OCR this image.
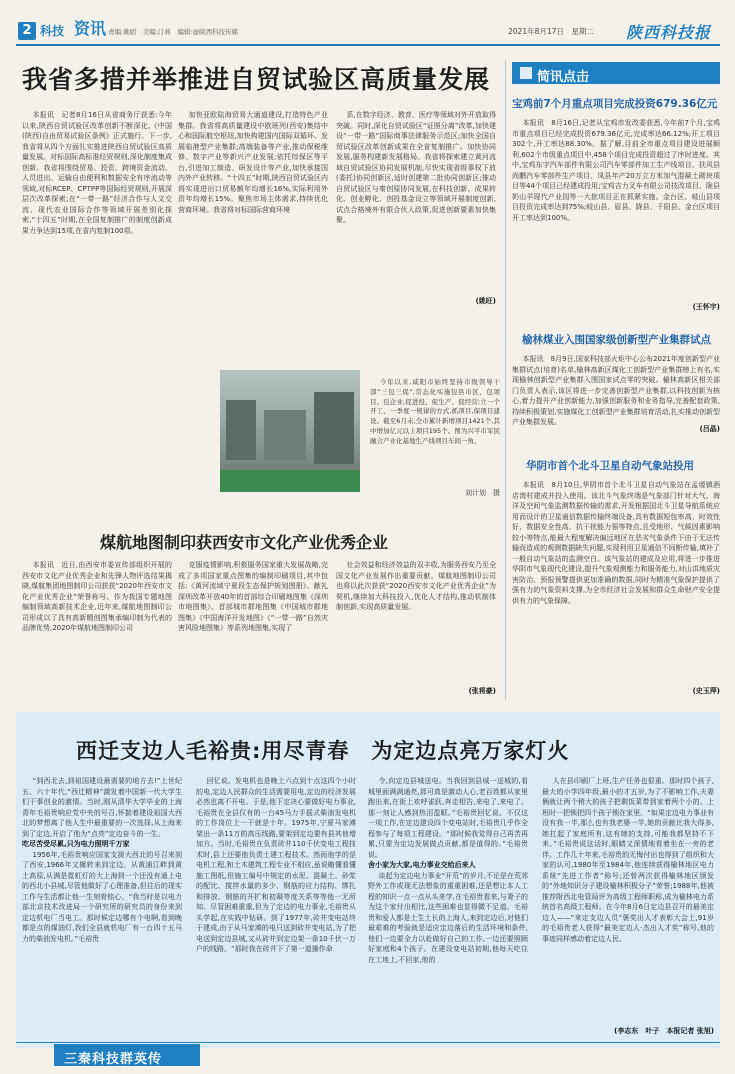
2 科技 资讯 责编:姚昭　美编:汀莉　编辑:@陕西科技传媒	2021年8月17日　星期二 陕西科技报
我省多措并举推进自贸试验区高质量发展

本报讯　记者8月16日从省商务厅获悉:今年以来,陕西自贸试验区改革创新不断深化,《中国(陕西)自由贸易试验区条例》正式施行。下一步,我省将从四个方面扎实推进陕西自贸试验区高质量发展。对标国际高标准经贸规则,深化制度集成创新。我省将围绕贸易、投资、跨境资金流动、人员进出、运输自由便利和数据安全有序流动等领域,对标RCEP、CPTPP等国际经贸规则,开展深层次改革探索;在“一带一路”经济合作与人文交流、现代农业国际合作等领域开展差别化探索,“十四五”时期,在全国复制推广的制度创新成果力争达到15项,在省内复制100项。

加快亚欧陆海贸易大通道建设,打造特色产业集群。我省将高质量建设中欧班列(西安)集结中心和国际航空枢纽,加快构建国内国际双循环。发展临港型产业集群;高端装备等产业,推动保税维修、数字产业等新兴产业发展;依托综保区等平台,引进加工制造、研发设计等产业,加快承接国内外产业转移。“十四五”时期,陕西自贸试验区内将实现进出口贸易额年均增长16%,实际利用外资年均增长15%。聚焦市场主体需求,持续优化营商环境。我省将对标国际营商环境

系,在数字经济、教育、医疗等领域对外开放取得突破。同时,深化自贸试验区“证照分离”改革,加快建设“一带一路”国际商事法律服务示范区;加快全国自贸试验区改革创新成果在全省复制推广。加快协同发展,服务构建新发展格局。我省将探索建立黄河流域自贸试验区协同发展机制,尽快实现省级事权下放(委托)协同创新区,适时创建第二批协同创新区;推动自贸试验区与秦创原协同发展,在科技创新、成果转化、创业孵化、创投基金设立等领域开展制度创新,试点合格境外有限合伙人政策,促进创新要素加快集聚。

(姚旺)
简讯点击
宝鸡前7个月重点项目完成投资679.36亿元

本报讯　8月16日,记者从宝鸡市发改委获悉,今年前7个月,宝鸡市重点项目已经完成投资679.36亿元,完成率达66.12%;开工项目302个,开工率达88.30%。据了解,目前全市重点项目建设进展顺利,602个市级重点项目中,458个项目完成投资超过了序时进度。其中,宝鸡东宇汽车部件有限公司汽车零部件加工生产线项目、扶风县尚鹏汽车零部件生产项目、凤县年产20万立方米加气混凝土砌块项目等44个项目已经建成投用;宝鸡吉力叉车有限公司技改项目、陇县奶山羊现代产业园等一大批项目正在抓紧实施。金台区、岐山县项目投资完成率达到75%;岐山县、眉县、陇县、千阳县、金台区项目开工率达到100%。

(王怀宇)
榆林煤业入围国家级创新型产业集群试点

本报讯　8月9日,国家科技部火炬中心公布2021年度创新型产业集群试点(培育)名单,榆林高新区煤化工创新型产业集群榜上有名,实现榆林创新型产业集群入围国家试点零的突破。榆林高新区相关部门负责人表示,该区将进一步完善创新型产业集群,以科技创新为核心,着力提升产业创新能力,加强创新服务和业务指导,完善配套政策,持续积极策划,实施煤化工创新型产业集群培育活动,扎实推动创新型产业集群发展。

(吕晶)
华阴市首个北斗卫星自动气象站投用

本报讯　8月10日,华阴市首个北斗卫星自动气象站在孟塬镇酒店湾村建成并投入使用。该北斗气象终端是气象部门针对大气、海洋及空间气象监测数据传输的需求,开发根据国北斗卫星导航系统应用而设计的卫星通信数据传输终端设备,具有数据短包率高、时效性好、数据安全性高、抗干扰能力强等特点,且受地形、气候因素影响较小等特点,能最大程度解决偏远地区在恶劣气象条件下由于无法传输而造成的观测数据缺失问题,实现利用卫星通信不间断传输,填补了一般自动气象站的监测空白。该气象站的建成及应用,将进一步推进华阴市气象现代化建设,提升气象观测能力和服务能力,对山洪地质灾害防治、预报预警提供更加准确的数据,同时为精准气象保护提供了强有力的气象资料支撑,为全市经济社会发展和群众生命财产安全提供有力的气象保障。

(史玉萍)

今年以来,咸阳市始终坚持市级领导干部“三包三促”,常态化实施包县市区、包项目、包企业,促进投、促生产、促经营;立一个开工、一季度一规律的方式,抓项目,保项目建设。截至6月末,全市累计新增项目1421个,其中增加亿元以上项目195个。图为兴平市军民融合产业化基地生产线项目车间一角。

刘计划　摄
煤航地图制印获西安市文化产业优秀企业

本报讯　近日,由西安市委宣传部组织开展的西安市文化产业优秀企业和先锋人物评选结果揭晓,煤航集团地图制印公司获获“2020年西安市文化产业优秀企业”荣誉称号。作为我国专题地图编制领域高新技术企业,近年来,煤航地图制印公司形成以了具有高新精创图集承编印制为代表的品牌优势,2020年煤航地图制印公司

克服疫情影响,积极服务国家重大发展战略,完成了多项国家重点图集的编制印刷项目,其中包括:《黄河流域宁夏段生态保护规划图册》、献礼深圳改革开放40年的首部综合印刷地图集《深圳市地图集》、首部城市群地图集《中国城市群地图集》《中国海洋开发地图》《“一带一路”自然灾害风险地图集》等系列地图集,实现了

社会效益和经济效益的双丰收,为服务西安乃至全国文化产业发展作出重要贡献。煤航地图制印公司也将以此次获获“2020西安市文化产业优秀企业”为契机,继续加大科技投入,优化人才结构,推动机制体制创新,实现高质量发展。

(张将豪)
西迁支边人毛裕贵:用尽青春　为定边点亮万家灯火

“到西北去,到祖国建设最需要的地方去!”上世纪五、六十年代,“西迁精神”激发着中国新一代大学生们干事创业的激情。当时,刚从清华大学毕业的上海青年毛裕贵响应党中央的号召,怀揣着建设祖国大西北的梦想离了他人生中最重要的一次选择,从上海来到了定边,开启了他为“点亮”定边奋斗的一生。

吃尽苦受尽累,只为电力照明千万家

1956年,毛裕贵响应国家支援大西北的号召来到了西安,1966年又辗转来到定边。从黄浦江畔到黄土高原,从满是霓虹灯的大上海到一个还没有通上电的西北小县城,尽管他做好了心理准备,但往后的现实工作与生活都让他一生刻骨铭心。“我当时是以电力部北京技术改进局一个研究所的研究员的身份来到定边机电厂当电工。那时候定边哪有个电啊,看到晚都是点的煤油灯,我们全县就机电厂有一台四十五马力的柴油发电机。”毛裕贵

回忆说。发电机也是晚上六点到十点这四个小时的电,定边人民群众的生活需要用电,定边的经济发展必然也离不开电。于是,他下定决心要做好电力事业,毛裕贵在全县仅有的一台45马力手摇式柴油发电机的工作岗位上一干就是十年。1975年,宁夏马家滩架出一条11万的高压线路,要架到定边要有县其他增加方。当时,毛裕贵在负责砖井110千伏变电工程技术时,县上还要他负责土建工程技术。然而他学的是电机工程,和土木建筑工程专业不相应,虽说略懂看懂施工图纸,但施工编号中规定的水泥、混凝土、砂浆的配比、搅拌水量的多少、钢筋的应力结构、绑扎和排放、钢筋的开扩和初凝等度关系等等他一无所知。尽管困难重重,但为了定边的电力事业,毛裕贵从头学起,在实践中钻研。到了1977年,砖井变电站终于建成,由于从马家滩的电只送到砖井变电站,为了把电送到定边县城,又从砖井到定边架一条10千伏一万户的线路。“那时我在砖井下了第一道操作命

令,向定边县城送电。当我回到县城一送城的,看城里面满满通亮,那可真是激动人心,老百姓都从家里跑出来,在街上欢呼雀跃,奔走相告,来电了,来电了。那一刻让人感到热泪盈眶。”毛裕贵回忆说。不仅这一项工作,在定边建设四个变电站时,毛裕贵几乎作全程参与了每项工程建设。“那时候我觉得自己再苦再累,只要为定边发展做点贡献,都是值得的。”毛裕贵说。

舍小家为大家,电力事业交给后来人

谈起为定边电力事业“开荒”的岁月,不论是在荒郊野外工作或现无法想象的重重困难,还是想让本人工程的知识一点一点从头来学,在毛裕贵看来,与妻子的为这个家付出相比,这些困难也显得微不足道。毛裕贵和爱人都是土生土长的上海人,来到定边后,对他们最艰难的考验就是适应定边落后的生活环境和条件,他们一边要全力以赴做好自己的工作,一边还要照顾好家庭和4个孩子。在建设变电站初期,他每天吃住在工地上,不回家,他的

人在县印刷厂上班,生产任务也很重。那时四个孩子,最大的小学四年级,最小的才五岁,为了不影响工作,夫妻俩就让两个稍大的孩子把剩饭菜带到家着两个小的。上班时一把锁把四个孩子锁在家里。“如果定边电力事业有没有我一半,那么也有我老婆一半,她的贡献比我大得多,她扛起了家庭所有,这有她的支持,可能我都坚持不下来。”毛裕贵说这话时,眼睛又深情地看着坐在一旁的老伴。工作几十年来,毛裕贵的无悔付出也得到了组织和大家的认可,1980年至1984年,他连续获得榆林地区电力系统“先进工作者”称号;还曾两次获得榆林地区颁发的“外地知识分子建设榆林积极分子”荣誉;1988年,他被推荐附西北电管局评为高级工程师职称,成为榆林电力系统首名高级工程师。在今年8月6日定边县召开的最美定边人——“来定支边人员”褒奖出人才表彰大会上,91岁的毛裕贵老人获得“最美定边人·杰出人才奖”称号,他的事迹同样感动着定边人民。

(李志东　叶子　本报记者 张旭)
三秦科技群英传
